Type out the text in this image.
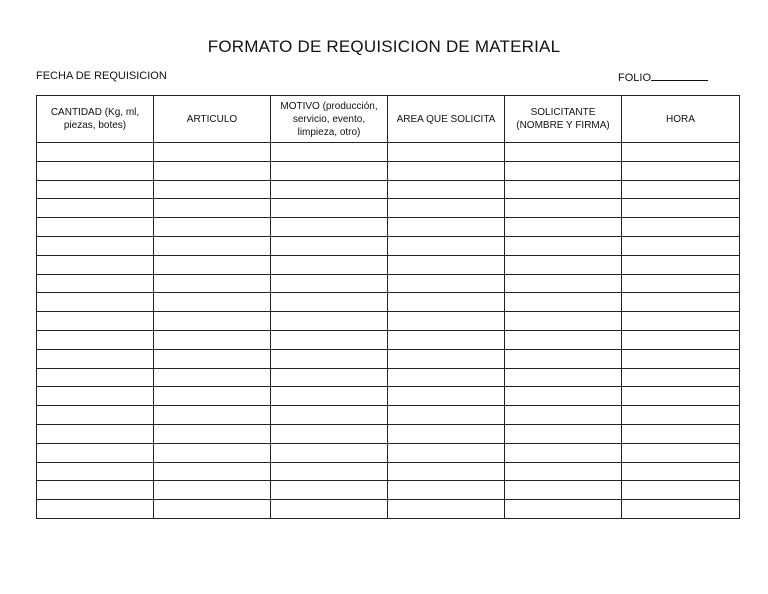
FORMATO DE REQUISICION DE MATERIAL
FECHA DE REQUISICION	FOLIO
CANTIDAD (Kg, ml, piezas, botes)	ARTICULO	MOTIVO (producción, servicio, evento, limpieza, otro)	AREA QUE SOLICITA	SOLICITANTE (NOMBRE Y FIRMA)	HORA
